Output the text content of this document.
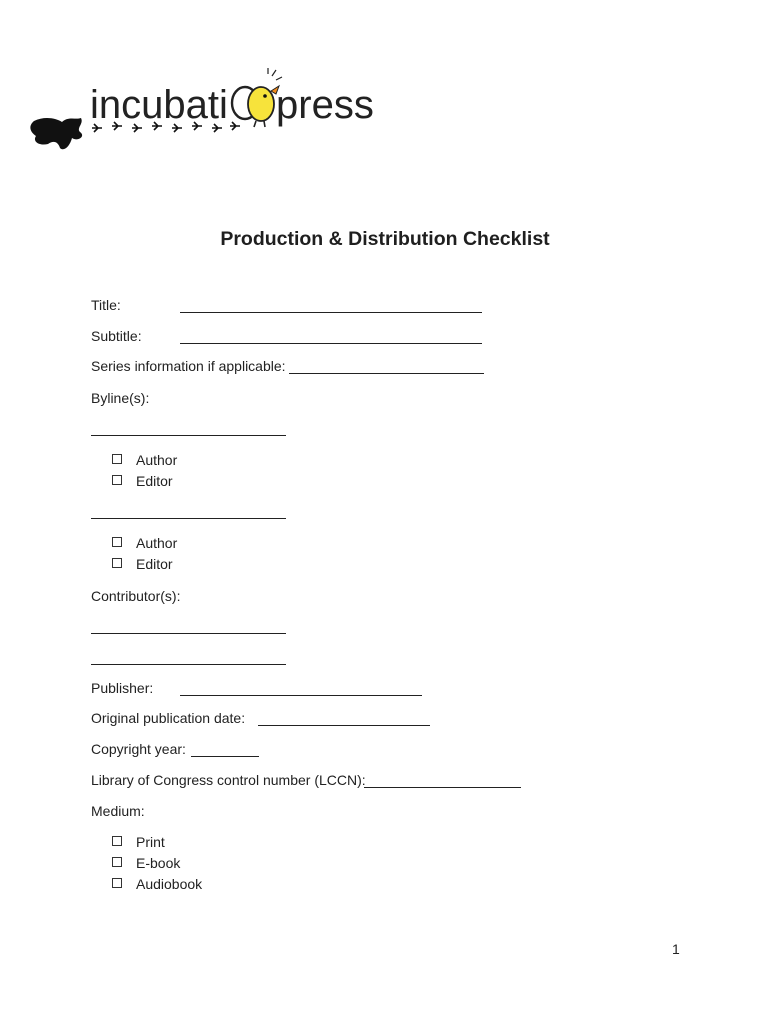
incubati press
Production & Distribution Checklist
Title:
Subtitle:
Series information if applicable:
Byline(s):
Author
Editor
Author
Editor
Contributor(s):
Publisher:
Original publication date:
Copyright year:
Library of Congress control number (LCCN):
Medium:
Print
E-book
Audiobook
1
